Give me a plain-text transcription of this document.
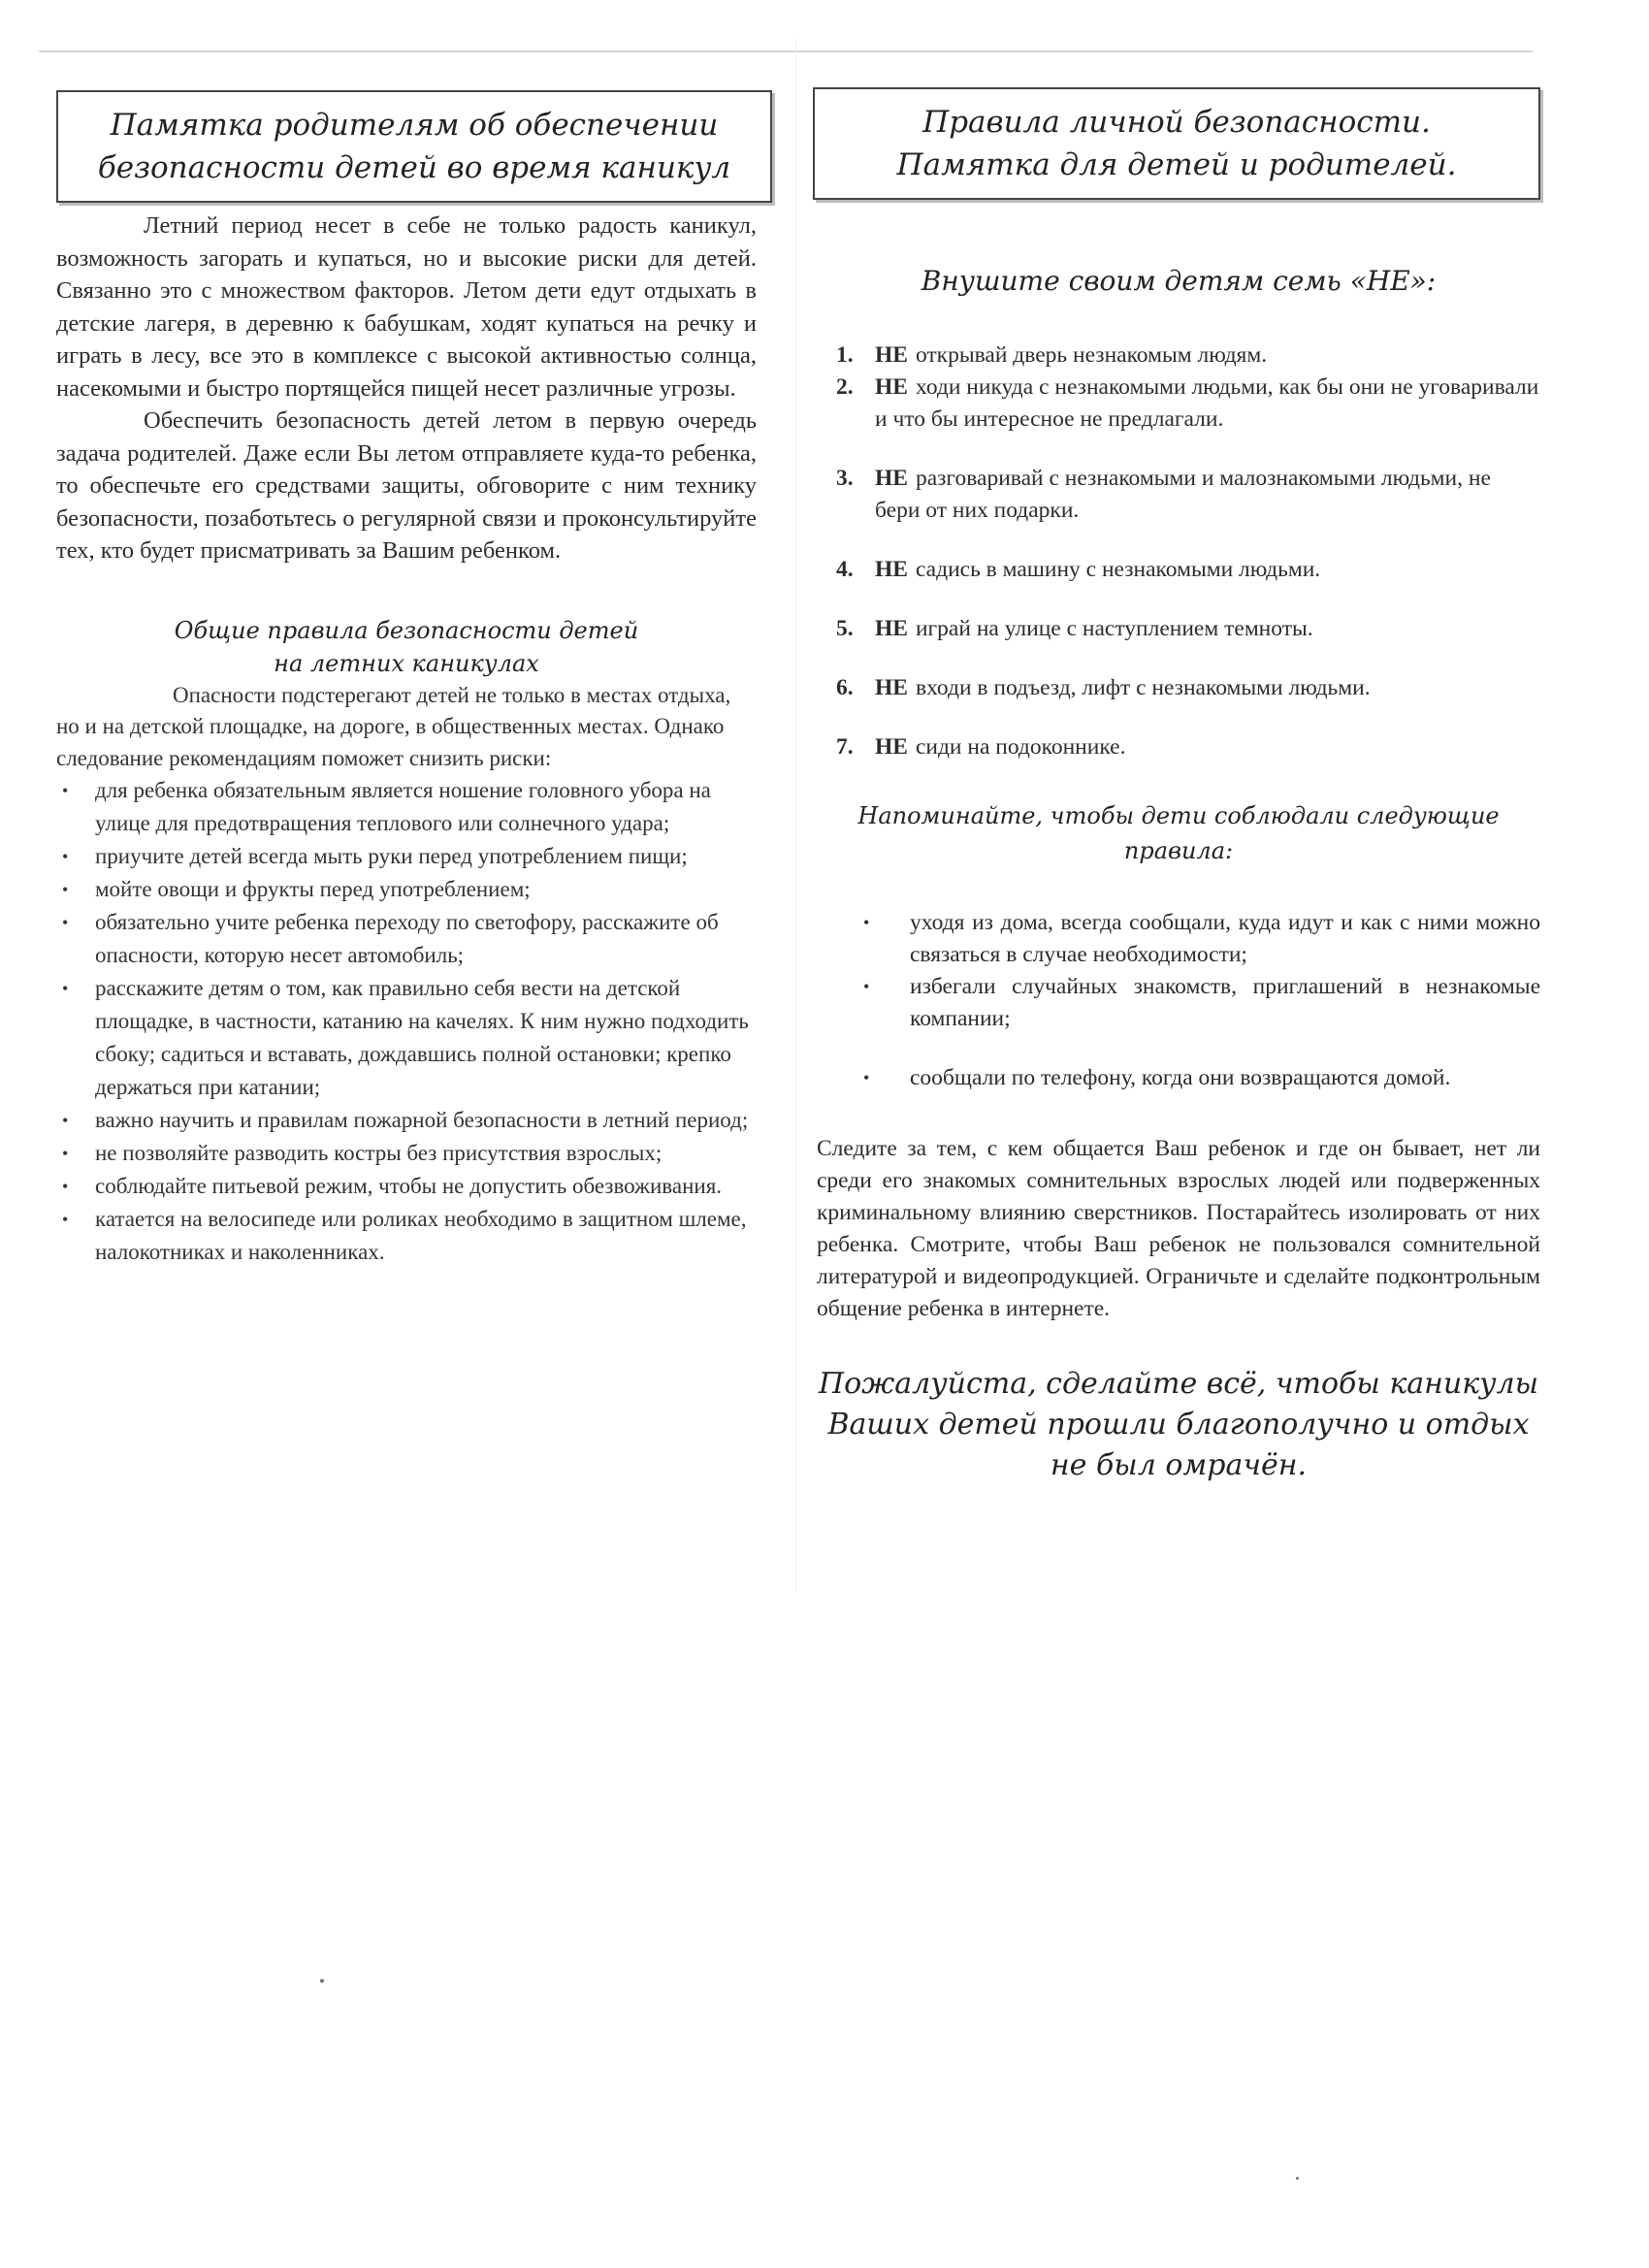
Памятка родителям об обеспечении
безопасности детей во время каникул

Летний период несет в себе не только радость каникул, возможность загорать и купаться, но и высокие риски для детей. Связанно это с множеством факторов. Летом дети едут отдыхать в детские лагеря, в деревню к бабушкам, ходят купаться на речку и играть в лесу, все это в комплексе с высокой активностью солнца, насекомыми и быстро портящейся пищей несет различные угрозы.

Обеспечить безопасность детей летом в первую очередь задача родителей. Даже если Вы летом отправляете куда-то ребенка, то обеспечьте его средствами защиты, обговорите с ним технику безопасности, позаботьтесь о регулярной связи и проконсультируйте тех, кто будет присматривать за Вашим ребенком.

Общие правила безопасности детей
на летних каникулах

Опасности подстерегают детей не только в местах отдыха, но и на детской площадке, на дороге, в общественных местах. Однако следование рекомендациям поможет снизить риски:

• для ребенка обязательным является ношение головного убора на улице для предотвращения теплового или солнечного удара;
• приучите детей всегда мыть руки перед употреблением пищи;
• мойте овощи и фрукты перед употреблением;
• обязательно учите ребенка переходу по светофору, расскажите об опасности, которую несет автомобиль;
• расскажите детям о том, как правильно себя вести на детской площадке, в частности, катанию на качелях. К ним нужно подходить сбоку; садиться и вставать, дождавшись полной остановки; крепко держаться при катании;
• важно научить и правилам пожарной безопасности в летний период;
• не позволяйте разводить костры без присутствия взрослых;
• соблюдайте питьевой режим, чтобы не допустить обезвоживания.
• катается на велосипеде или роликах необходимо в защитном шлеме, налокотниках и наколенниках.
Правила личной безопасности.
Памятка для детей и родителей.
Внушите своим детям семь «НЕ»:
1. НЕ открывай дверь незнакомым людям.
2. НЕ ходи никуда с незнакомыми людьми, как бы они не уговаривали и что бы интересное не предлагали.
3. НЕ разговаривай с незнакомыми и малознакомыми людьми, не бери от них подарки.
4. НЕ садись в машину с незнакомыми людьми.
5. НЕ играй на улице с наступлением темноты.
6. НЕ входи в подъезд, лифт с незнакомыми людьми.
7. НЕ сиди на подоконнике.
Напоминайте, чтобы дети соблюдали следующие
правила:
• уходя из дома, всегда сообщали, куда идут и как с ними можно связаться в случае необходимости;
• избегали случайных знакомств, приглашений в незнакомые компании;
• сообщали по телефону, когда они возвращаются домой.

Следите за тем, с кем общается Ваш ребенок и где он бывает, нет ли среди его знакомых сомнительных взрослых людей или подверженных криминальному влиянию сверстников. Постарайтесь изолировать от них ребенка. Смотрите, чтобы Ваш ребенок не пользовался сомнительной литературой и видеопродукцией. Ограничьте и сделайте подконтрольным общение ребенка в интернете.

Пожалуйста, сделайте всё, чтобы каникулы
Ваших детей прошли благополучно и отдых
не был омрачён.
